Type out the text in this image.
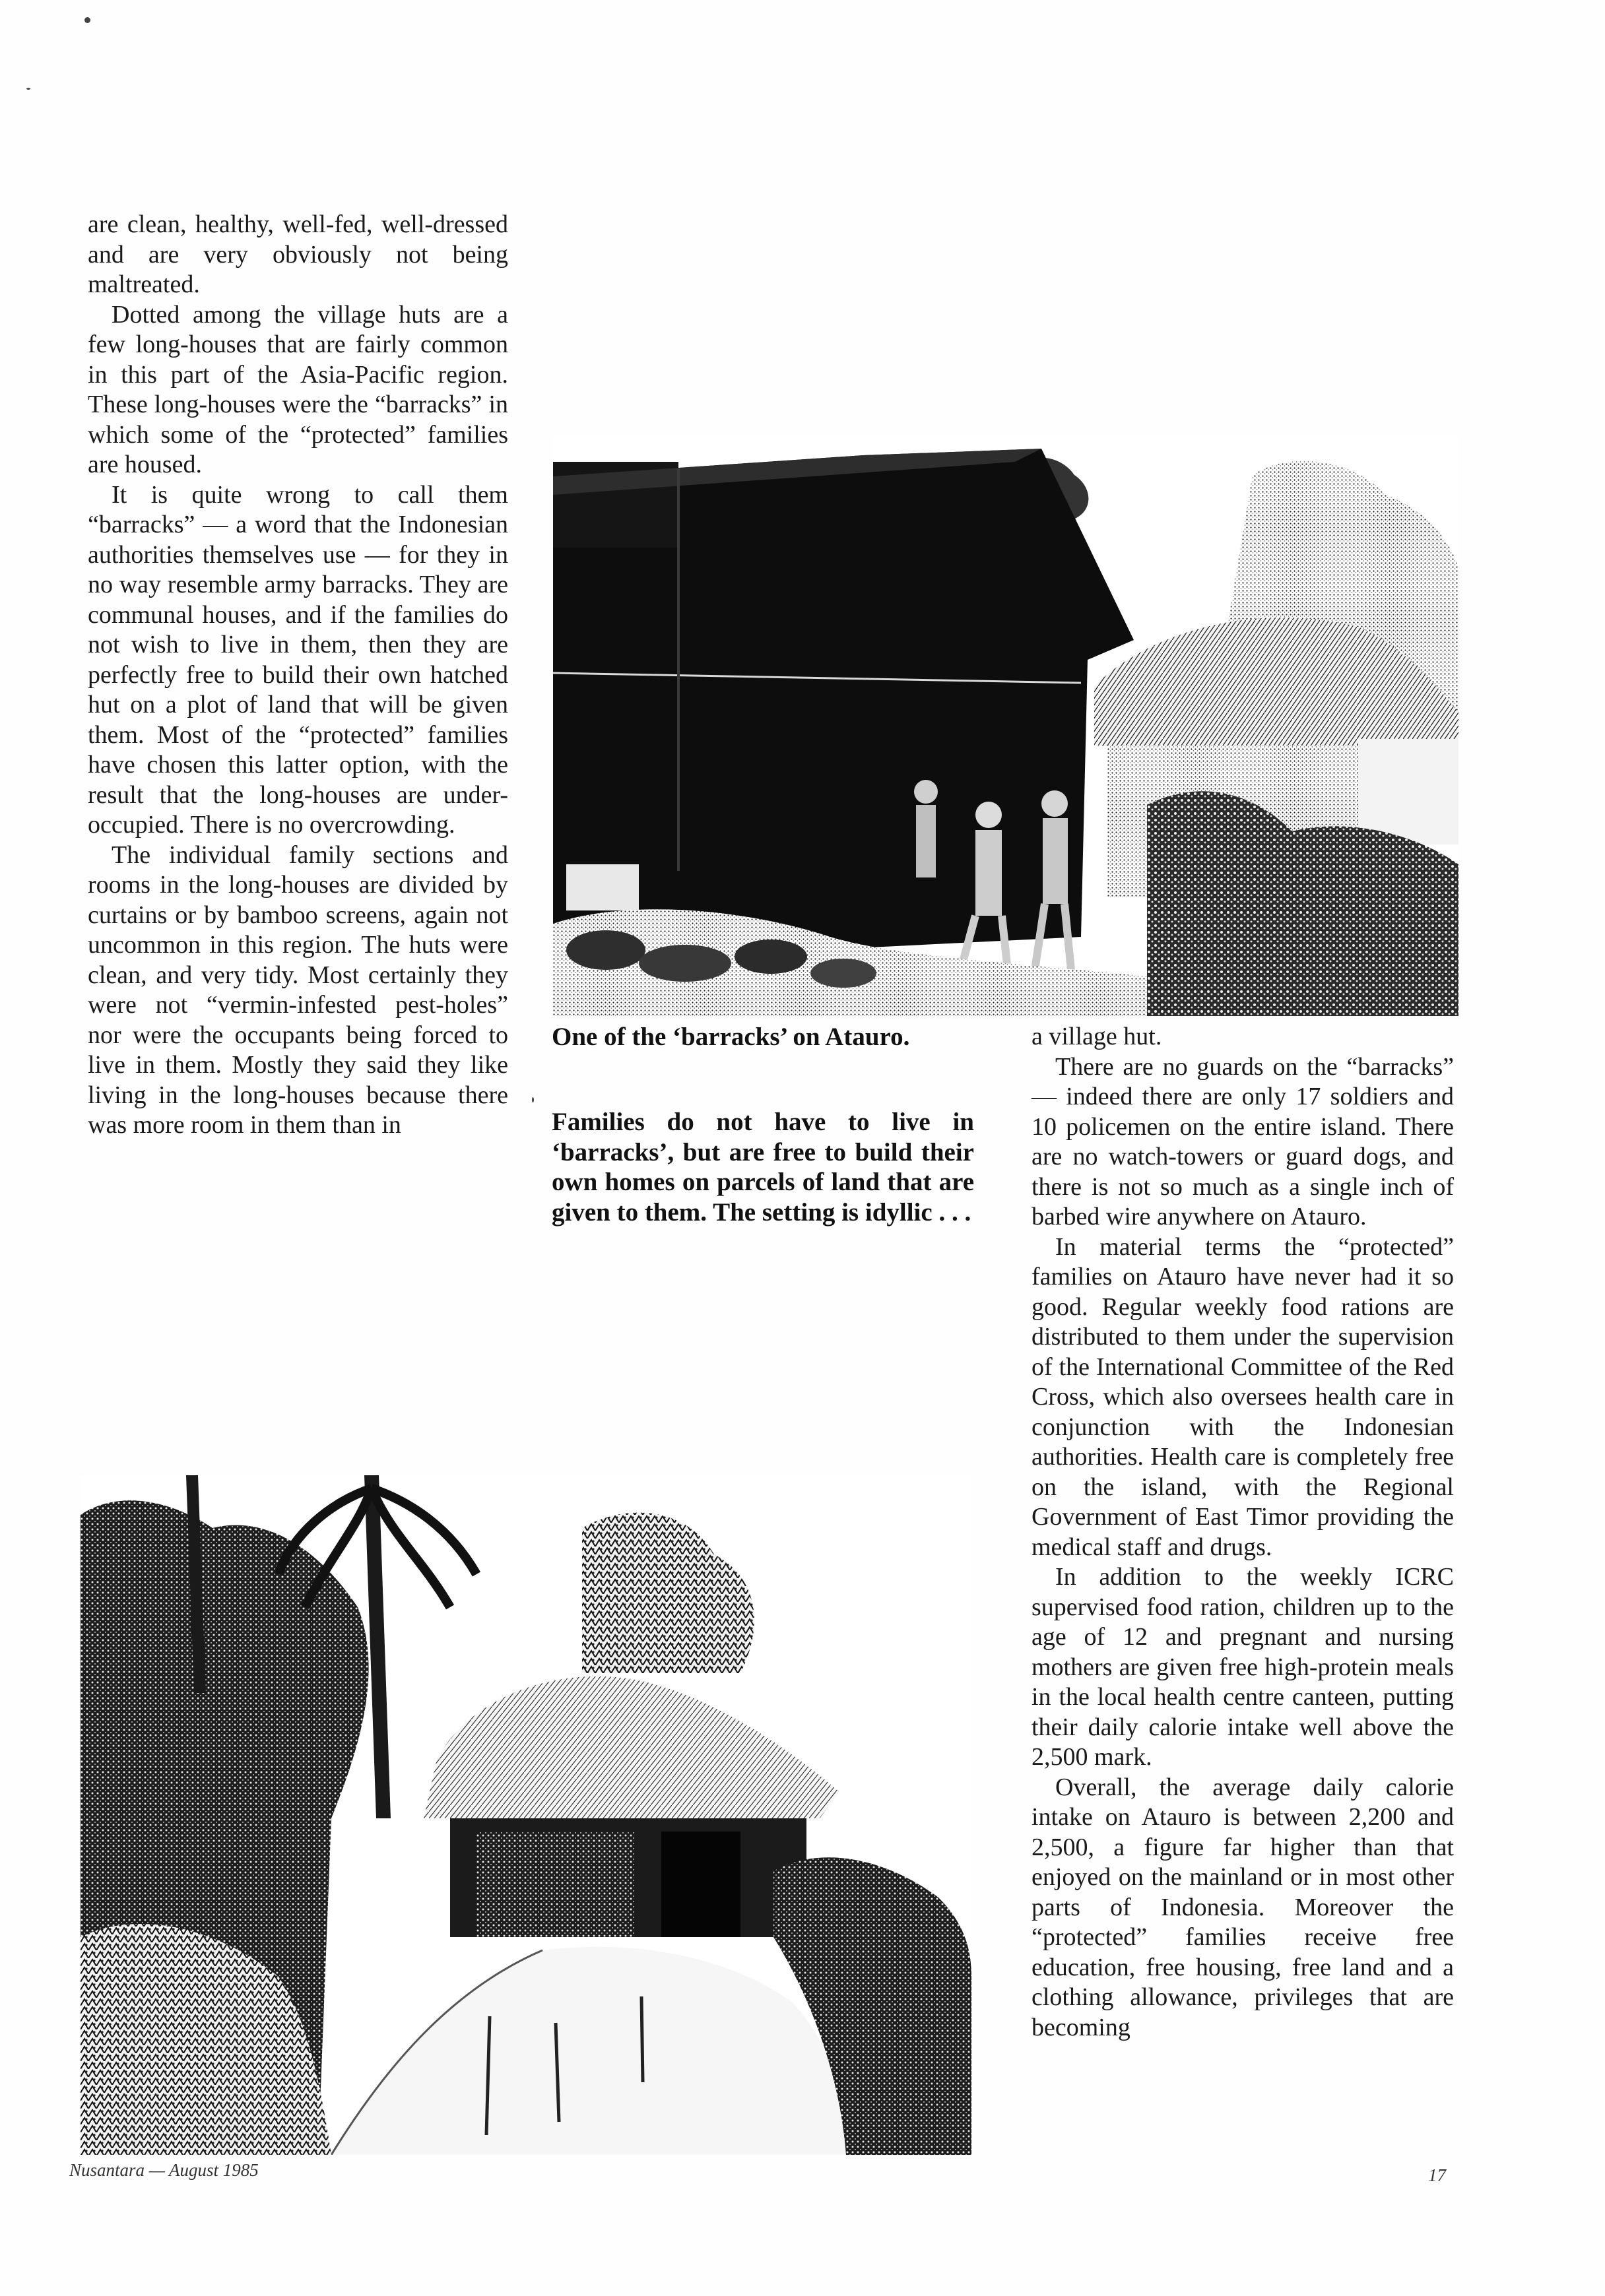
are clean, healthy, well-fed, well-dressed and are very obviously not being maltreated.

Dotted among the village huts are a few long-houses that are fairly common in this part of the Asia-Pacific region. These long-houses were the “barracks” in which some of the “protected” families are housed.

It is quite wrong to call them “barracks” — a word that the Indonesian authorities themselves use — for they in no way resemble army barracks. They are communal houses, and if the families do not wish to live in them, then they are perfectly free to build their own hatched hut on a plot of land that will be given them. Most of the “protected” families have chosen this latter option, with the result that the long-houses are under-occupied. There is no overcrowding.

The individual family sections and rooms in the long-houses are divided by curtains or by bamboo screens, again not uncommon in this region. The huts were clean, and very tidy. Most certainly they were not “vermin-infested pest-holes” nor were the occupants being forced to live in them. Mostly they said they like living in the long-houses because there was more room in them than in

One of the ‘barracks’ on Atauro.
Families do not have to live in ‘barracks’, but are free to build their own homes on parcels of land that are given to them. The setting is idyllic . . .

a village hut.

There are no guards on the “barracks” — indeed there are only 17 soldiers and 10 policemen on the entire island. There are no watch-towers or guard dogs, and there is not so much as a single inch of barbed wire anywhere on Atauro.

In material terms the “protected” families on Atauro have never had it so good. Regular weekly food rations are distributed to them under the supervision of the International Committee of the Red Cross, which also oversees health care in conjunction with the Indonesian authorities. Health care is completely free on the island, with the Regional Government of East Timor providing the medical staff and drugs.

In addition to the weekly ICRC supervised food ration, children up to the age of 12 and pregnant and nursing mothers are given free high-protein meals in the local health centre canteen, putting their daily calorie intake well above the 2,500 mark.

Overall, the average daily calorie intake on Atauro is between 2,200 and 2,500, a figure far higher than that enjoyed on the mainland or in most other parts of Indonesia. Moreover the “protected” families receive free education, free housing, free land and a clothing allowance, privileges that are becoming

Nusantara — August 1985	17
